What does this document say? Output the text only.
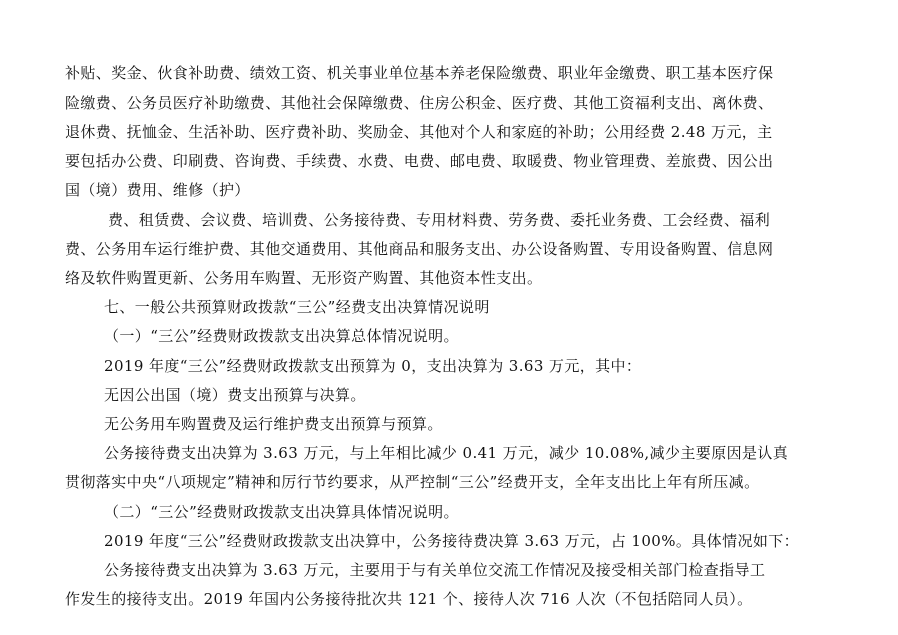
补贴、奖金、伙食补助费、绩效工资、机关事业单位基本养老保险缴费、职业年金缴费、职工基本医疗保
险缴费、公务员医疗补助缴费、其他社会保障缴费、住房公积金、医疗费、其他工资福利支出、离休费、
退休费、抚恤金、生活补助、医疗费补助、奖励金、其他对个人和家庭的补助；公用经费 2.48 万元，主
要包括办公费、印刷费、咨询费、手续费、水费、电费、邮电费、取暖费、物业管理费、差旅费、因公出
国（境）费用、维修（护）
费、租赁费、会议费、培训费、公务接待费、专用材料费、劳务费、委托业务费、工会经费、福利
费、公务用车运行维护费、其他交通费用、其他商品和服务支出、办公设备购置、专用设备购置、信息网
络及软件购置更新、公务用车购置、无形资产购置、其他资本性支出。
七、一般公共预算财政拨款“三公”经费支出决算情况说明
（一）“三公”经费财政拨款支出决算总体情况说明。
2019 年度“三公”经费财政拨款支出预算为 0，支出决算为 3.63 万元，其中：
无因公出国（境）费支出预算与决算。
无公务用车购置费及运行维护费支出预算与预算。
公务接待费支出决算为 3.63 万元，与上年相比减少 0.41 万元，减少 10.08%,减少主要原因是认真
贯彻落实中央“八项规定”精神和厉行节约要求，从严控制“三公”经费开支，全年支出比上年有所压减。
（二）“三公”经费财政拨款支出决算具体情况说明。
2019 年度“三公”经费财政拨款支出决算中，公务接待费决算 3.63 万元，占 100%。具体情况如下：
公务接待费支出决算为 3.63 万元，主要用于与有关单位交流工作情况及接受相关部门检查指导工
作发生的接待支出。2019 年国内公务接待批次共 121 个、接待人次 716 人次（不包括陪同人员）。
